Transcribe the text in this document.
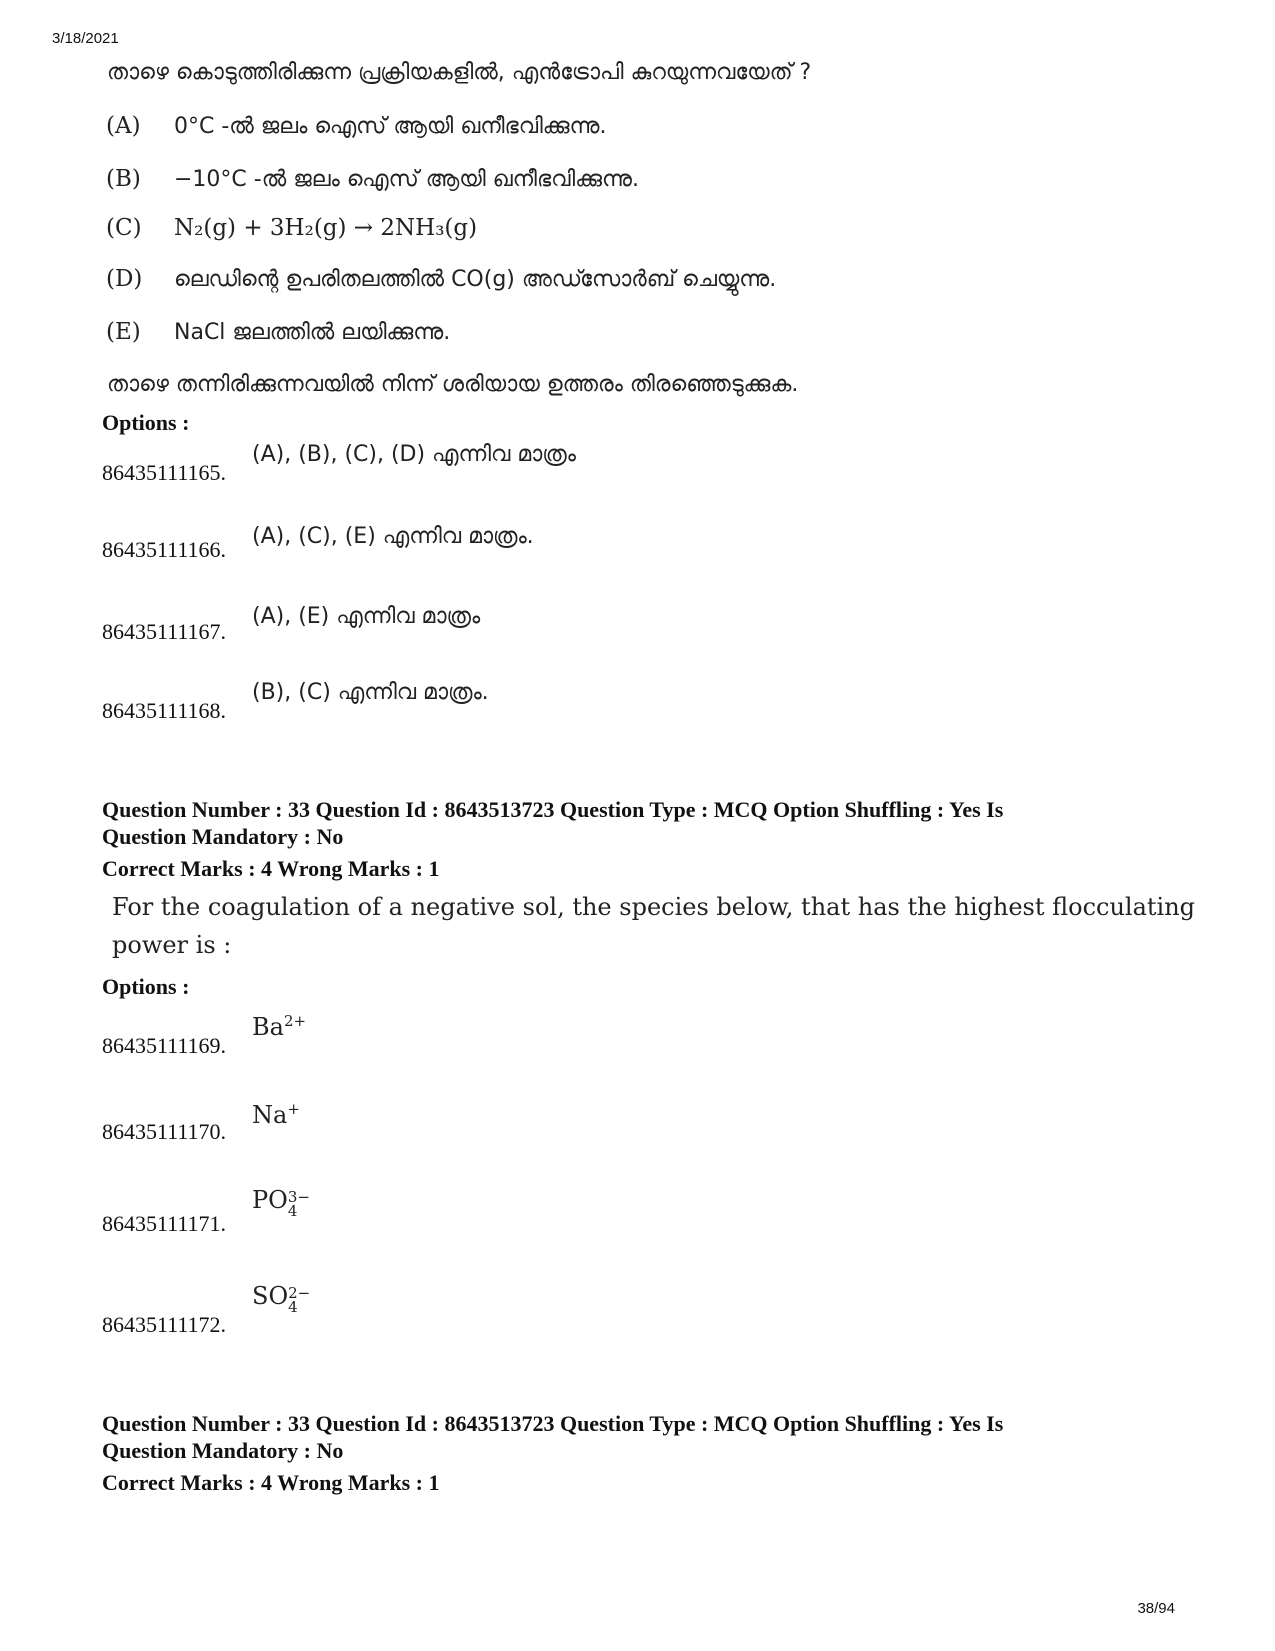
3/18/2021
താഴെ കൊടുത്തിരിക്കുന്ന പ്രക്രിയകളിൽ, എൻട്രോപി കുറയുന്നവയേത് ?
(A) 0°C -ൽ ജലം ഐസ് ആയി ഖനീഭവിക്കുന്നു.
(B) −10°C -ൽ ജലം ഐസ് ആയി ഖനീഭവിക്കുന്നു.
(C) N₂(g) + 3H₂(g) → 2NH₃(g)
(D) ലെഡിന്റെ ഉപരിതലത്തിൽ CO(g) അഡ്സോർബ് ചെയ്യുന്നു.
(E) NaCl ജലത്തിൽ ലയിക്കുന്നു.
താഴെ തന്നിരിക്കുന്നവയിൽ നിന്ന് ശരിയായ ഉത്തരം തിരഞ്ഞെടുക്കുക.
Options :
86435111165.
(A), (B), (C), (D) എന്നിവ മാത്രം
86435111166.
(A), (C), (E) എന്നിവ മാത്രം.
86435111167.
(A), (E) എന്നിവ മാത്രം
86435111168.
(B), (C) എന്നിവ മാത്രം.
Question Number : 33 Question Id : 8643513723 Question Type : MCQ Option Shuffling : Yes Is
Question Mandatory : No
Correct Marks : 4 Wrong Marks : 1
For the coagulation of a negative sol, the species below, that has the highest flocculating
power is :
Options :
86435111169.
$Ba^{2+}$
86435111170.
Na+
86435111171.
PO 3−
4
86435111172.
SO 2−
4
Question Number : 33 Question Id : 8643513723 Question Type : MCQ Option Shuffling : Yes Is
Question Mandatory : No
Correct Marks : 4 Wrong Marks : 1
38/94
